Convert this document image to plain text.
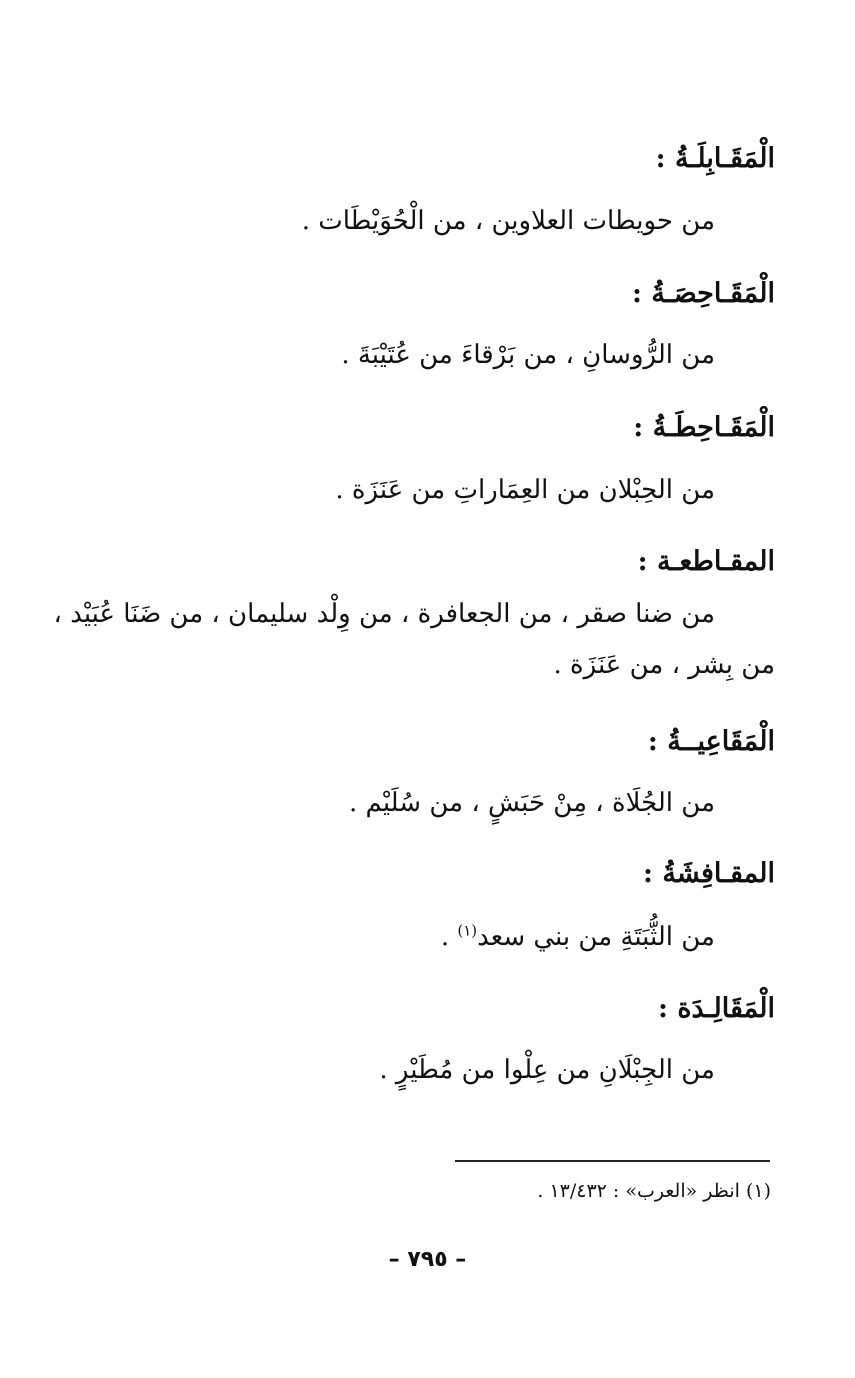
الْمَقَـابِلَـةُ :
من حويطات العلاوين ، من الْحُوَيْطَات .
الْمَقَـاحِصَـةُ :
من الرُّوسانِ ، من بَرْقاءَ من عُتَيْبَةَ .
الْمَقَـاحِطَـةُ :
من الحِبْلان من العِمَاراتِ من عَنَزَة .
المقـاطعـة :
من ضنا صقر ، من الجعافرة ، من وِلْد سليمان ، من ضَنَا عُبَيْد ،
من بِشر ، من عَنَزَة .
الْمَقَاعِيــةُ :
من الجُلَاة ، مِنْ حَبَشٍ ، من سُلَيْم .
المقـافِشَةُ :
من الثُّبَتَةِ من بني سعد$^{(١)}$ .
الْمَقَالِـدَة :
من الجِبْلَانِ من عِلْوا من مُطَيْرٍ .
(١) انظر «العرب» : ١٣/٤٣٢ .
– ٧٩٥ –
